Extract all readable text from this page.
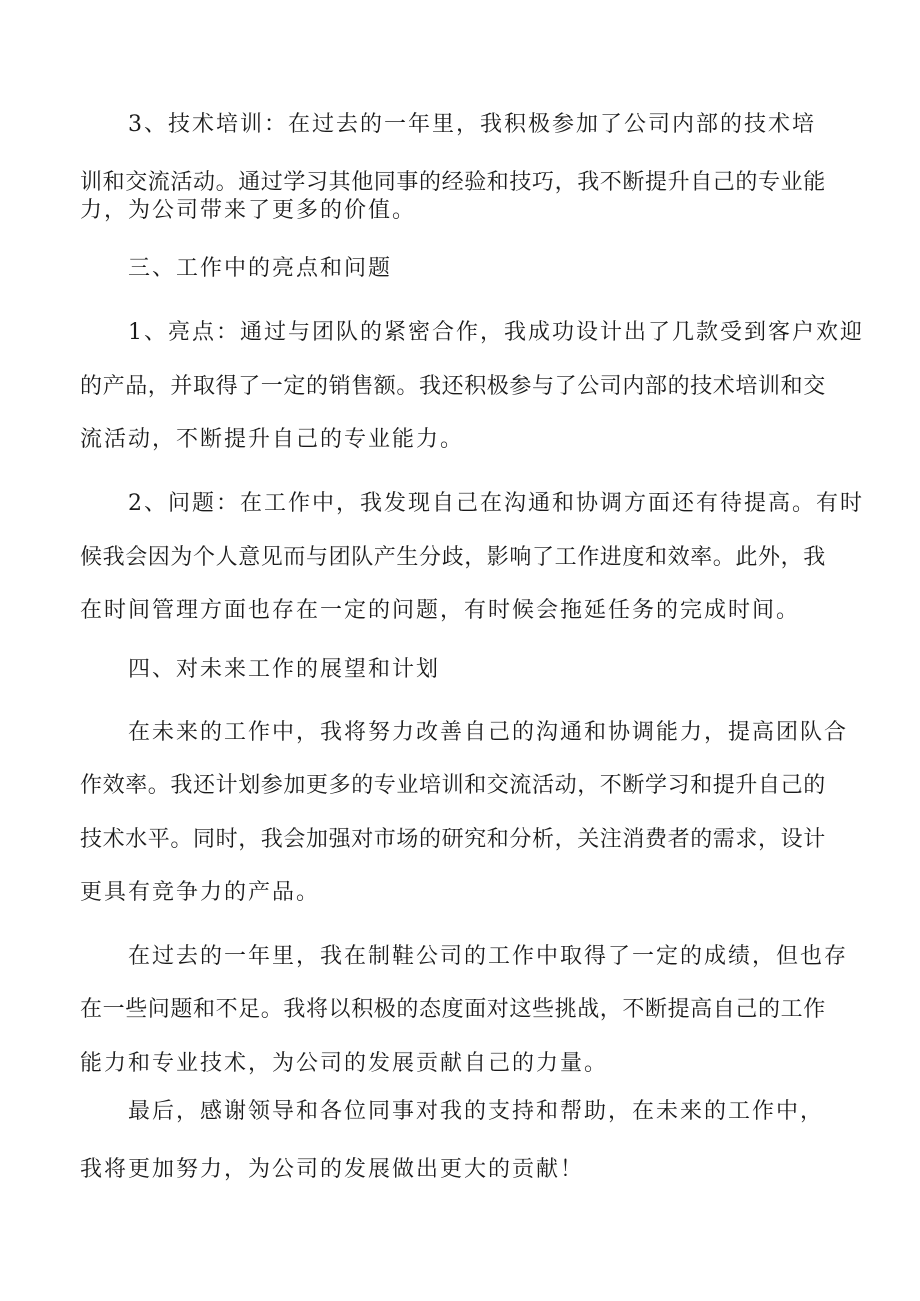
3、技术培训：在过去的一年里，我积极参加了公司内部的技术培
训和交流活动。通过学习其他同事的经验和技巧，我不断提升自己的专业能
力，为公司带来了更多的价值。
三、工作中的亮点和问题
1、亮点：通过与团队的紧密合作，我成功设计出了几款受到客户欢迎
的产品，并取得了一定的销售额。我还积极参与了公司内部的技术培训和交
流活动，不断提升自己的专业能力。
2、问题：在工作中，我发现自己在沟通和协调方面还有待提高。有时
候我会因为个人意见而与团队产生分歧，影响了工作进度和效率。此外，我
在时间管理方面也存在一定的问题，有时候会拖延任务的完成时间。
四、对未来工作的展望和计划
在未来的工作中，我将努力改善自己的沟通和协调能力，提高团队合
作效率。我还计划参加更多的专业培训和交流活动，不断学习和提升自己的
技术水平。同时，我会加强对市场的研究和分析，关注消费者的需求，设计
更具有竞争力的产品。
在过去的一年里，我在制鞋公司的工作中取得了一定的成绩，但也存
在一些问题和不足。我将以积极的态度面对这些挑战，不断提高自己的工作
能力和专业技术，为公司的发展贡献自己的力量。
最后，感谢领导和各位同事对我的支持和帮助，在未来的工作中，
我将更加努力，为公司的发展做出更大的贡献！
